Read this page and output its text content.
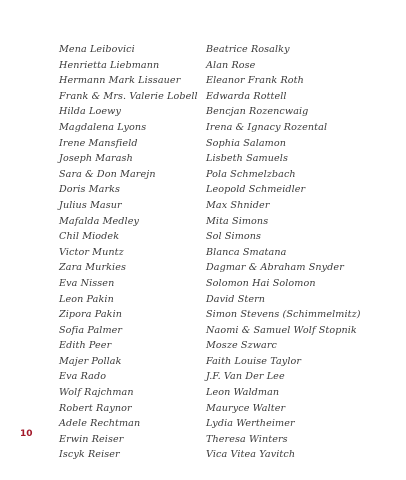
Mena Leibovici
Henrietta Liebmann
Hermann Mark Lissauer
Frank & Mrs. Valerie Lobell
Hilda Loewy
Magdalena Lyons
Irene Mansfield
Joseph Marash
Sara & Don Marejn
Doris Marks
Julius Masur
Mafalda Medley
Chil Miodek
Victor Muntz
Zara Murkies
Eva Nissen
Leon Pakin
Zipora Pakin
Sofia Palmer
Edith Peer
Majer Pollak
Eva Rado
Wolf Rajchman
Robert Raynor
Adele Rechtman
Erwin Reiser
Iscyk Reiser
Beatrice Rosalky
Alan Rose
Eleanor Frank Roth
Edwarda Rottell
Bencjan Rozencwaig
Irena & Ignacy Rozental
Sophia Salamon
Lisbeth Samuels
Pola Schmelzbach
Leopold Schmeidler
Max Shnider
Mita Simons
Sol Simons
Blanca Smatana
Dagmar & Abraham Snyder
Solomon Hai Solomon
David Stern
Simon Stevens (Schimmelmitz)
Naomi & Samuel Wolf Stopnik
Mosze Szwarc
Faith Louise Taylor
J.F. Van Der Lee
Leon Waldman
Mauryce Walter
Lydia Wertheimer
Theresa Winters
Vica Vitea Yavitch
10
